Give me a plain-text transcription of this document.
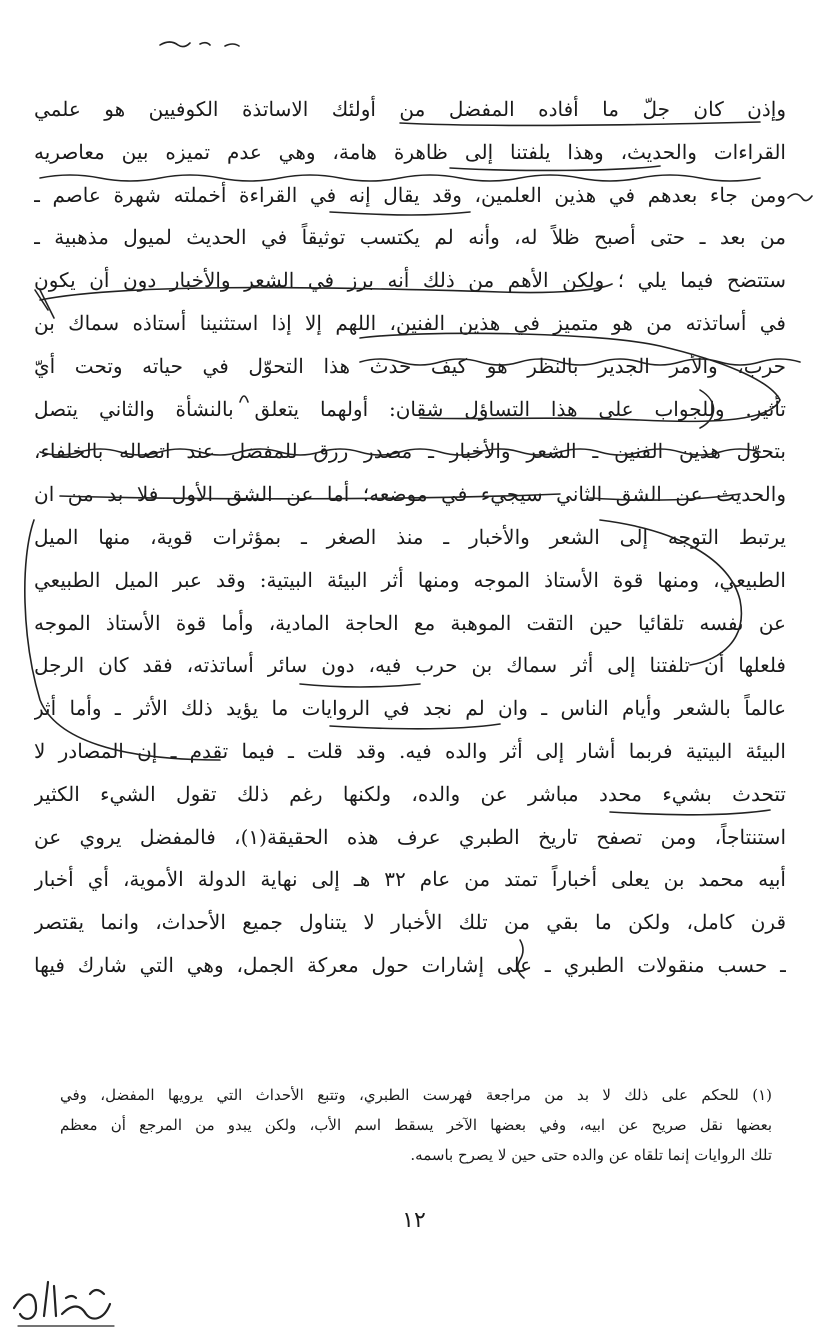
وإذن كان جلّ ما أفاده المفضل من أولئك الاساتذة الكوفيين هو علمي
القراءات والحديث، وهذا يلفتنا إلى ظاهرة هامة، وهي عدم تميزه بين معاصريه
ومن جاء بعدهم في هذين العلمين، وقد يقال إنه في القراءة أخملته شهرة عاصم ـ
من بعد ـ حتى أصبح ظلاً له، وأنه لم يكتسب توثيقاً في الحديث لميول مذهبية ـ
ستتضح فيما يلي ؛ ولكن الأهم من ذلك أنه برز في الشعر والأخبار دون أن يكون
في أساتذته من هو متميز في هذين الفنين، اللهم إلا إذا استثنينا أستاذه سماك بن
حرب، والأمر الجدير بالنظر هو كيف حدث هذا التحوّل في حياته وتحت أيّ
تأثير. وللجواب على هذا التساؤل شقان: أولهما يتعلق بالنشأة والثاني يتصل
بتحوّل هذين الفنين ـ الشعر والأخبار ـ مصدر رزق للمفضل عند اتصاله بالخلفاء،
والحديث عن الشق الثاني سيجيء في موضعه؛ أما عن الشق الأول فلا بد من ان
يرتبط التوجه إلى الشعر والأخبار ـ منذ الصغر ـ بمؤثرات قوية، منها الميل
الطبيعي، ومنها قوة الأستاذ الموجه ومنها أثر البيئة البيتية: وقد عبر الميل الطبيعي
عن نفسه تلقائيا حين التقت الموهبة مع الحاجة المادية، وأما قوة الأستاذ الموجه
فلعلها أن تلفتنا إلى أثر سماك بن حرب فيه، دون سائر أساتذته، فقد كان الرجل
عالماً بالشعر وأيام الناس ـ وان لم نجد في الروايات ما يؤيد ذلك الأثر ـ وأما أثر
البيئة البيتية فربما أشار إلى أثر والده فيه. وقد قلت ـ فيما تقدم ـ إن المصادر لا
تتحدث بشيء محدد مباشر عن والده، ولكنها رغم ذلك تقول الشيء الكثير
استنتاجاً، ومن تصفح تاريخ الطبري عرف هذه الحقيقة(١)، فالمفضل يروي عن
أبيه محمد بن يعلى أخباراً تمتد من عام ٣٢ هـ إلى نهاية الدولة الأموية، أي أخبار
قرن كامل، ولكن ما بقي من تلك الأخبار لا يتناول جميع الأحداث، وانما يقتصر
ـ حسب منقولات الطبري ـ على إشارات حول معركة الجمل، وهي التي شارك فيها
(١) للحكم على ذلك لا بد من مراجعة فهرست الطبري، وتتبع الأحداث التي يرويها المفضل، وفي
بعضها نقل صريح عن ابيه، وفي بعضها الآخر يسقط اسم الأب، ولكن يبدو من المرجع أن معظم
تلك الروايات إنما تلقاه عن والده حتى حين لا يصرح باسمه.
١٢
